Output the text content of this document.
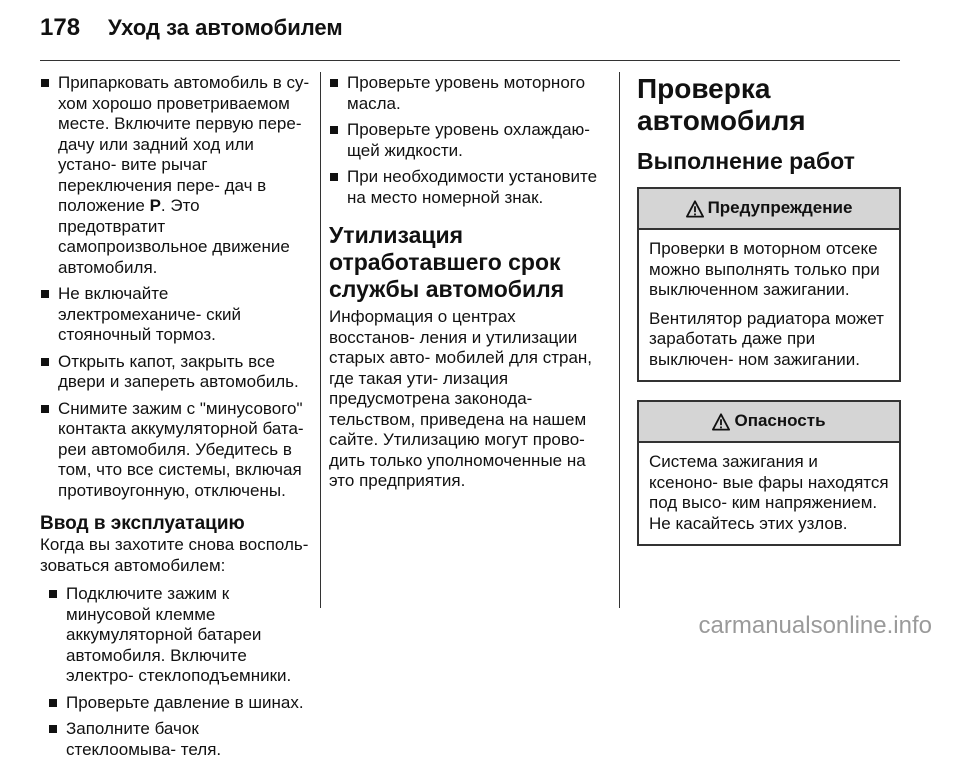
178 Уход за автомобилем
Припарковать автомобиль в су- хом хорошо проветриваемом месте. Включите первую пере- дачу или задний ход или устано- вите рычаг переключения пере- дач в положение P. Это предотвратит самопроизвольное движение автомобиля.
Не включайте электромеханиче- ский стояночный тормоз.
Открыть капот, закрыть все двери и запереть автомобиль.
Снимите зажим с "минусового" контакта аккумуляторной бата- реи автомобиля. Убедитесь в том, что все системы, включая противоугонную, отключены.
Ввод в эксплуатацию

Когда вы захотите снова восполь- зоваться автомобилем:

Подключите зажим к минусовой клемме аккумуляторной батареи автомобиля. Включите электро- стеклоподъемники.
Проверьте давление в шинах.
Заполните бачок стеклоомыва- теля.
Проверьте уровень моторного масла.
Проверьте уровень охлаждаю- щей жидкости.
При необходимости установите на место номерной знак.
Утилизация отработавшего срок службы автомобиля

Информация о центрах восстанов- ления и утилизации старых авто- мобилей для стран, где такая ути- лизация предусмотрена законода- тельством, приведена на нашем сайте. Утилизацию могут прово- дить только уполномоченные на это предприятия.

Проверка автомобиля
Выполнение работ
Предупреждение

Проверки в моторном отсеке можно выполнять только при выключенном зажигании.

Вентилятор радиатора может заработать даже при выключен- ном зажигании.

Опасность

Система зажигания и ксеноно- вые фары находятся под высо- ким напряжением. Не касайтесь этих узлов.

carmanualsonline.info
